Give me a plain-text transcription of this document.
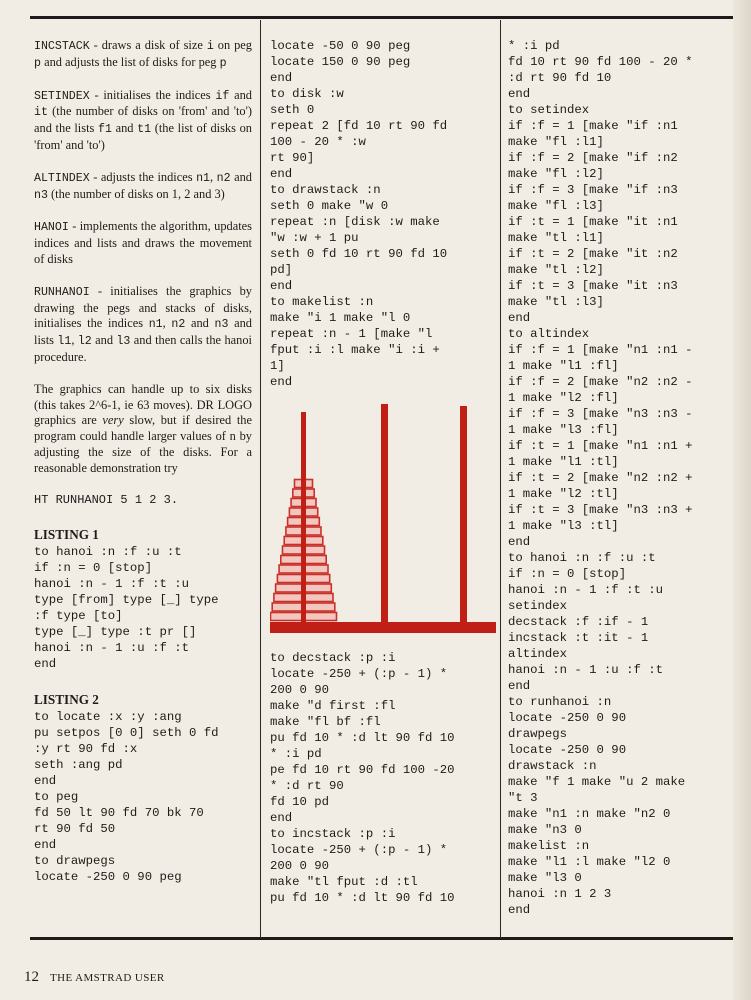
INCSTACK - draws a disk of size i on peg p and adjusts the list of disks for peg p

SETINDEX - initialises the indices if and it (the number of disks on 'from' and 'to') and the lists f1 and t1 (the list of disks on 'from' and 'to')

ALTINDEX - adjusts the indices n1, n2 and n3 (the number of disks on 1, 2 and 3)

HANOI - implements the algorithm, updates indices and lists and draws the movement of disks

RUNHANOI - initialises the graphics by drawing the pegs and stacks of disks, initialises the indices n1, n2 and n3 and lists l1, l2 and l3 and then calls the hanoi procedure.

The graphics can handle up to six disks (this takes 2^6-1, ie 63 moves). DR LOGO graphics are very slow, but if desired the program could handle larger values of n by adjusting the size of the disks. For a reasonable demonstration try

HT RUNHANOI 5 1 2 3.
LISTING 1
to hanoi :n :f :u :t
if :n = 0 [stop]
hanoi :n - 1 :f :t :u
type [from] type [_] type
:f type [to]
type [_] type :t pr []
hanoi :n - 1 :u :f :t
end
LISTING 2
to locate :x :y :ang
pu setpos [0 0] seth 0 fd
:y rt 90 fd :x
seth :ang pd
end
to peg
fd 50 lt 90 fd 70 bk 70
rt 90 fd 50
end
to drawpegs
locate -250 0 90 peg
locate -50 0 90 peg
locate 150 0 90 peg
end
to disk :w
seth 0
repeat 2 [fd 10 rt 90 fd
100 - 20 * :w
rt 90]
end
to drawstack :n
seth 0 make "w 0
repeat :n [disk :w make
"w :w + 1 pu
seth 0 fd 10 rt 90 fd 10
pd]
end
to makelist :n
make "i 1 make "l 0
repeat :n - 1 [make "l
fput :i :l make "i :i +
1]
end
to decstack :p :i
locate -250 + (:p - 1) *
200 0 90
make "d first :fl
make "fl bf :fl
pu fd 10 * :d lt 90 fd 10
* :i pd
pe fd 10 rt 90 fd 100 -20
* :d rt 90
fd 10 pd
end
to incstack :p :i
locate -250 + (:p - 1) *
200 0 90
make "tl fput :d :tl
pu fd 10 * :d lt 90 fd 10
* :i pd
fd 10 rt 90 fd 100 - 20 *
:d rt 90 fd 10
end
to setindex
if :f = 1 [make "if :n1
make "fl :l1]
if :f = 2 [make "if :n2
make "fl :l2]
if :f = 3 [make "if :n3
make "fl :l3]
if :t = 1 [make "it :n1
make "tl :l1]
if :t = 2 [make "it :n2
make "tl :l2]
if :t = 3 [make "it :n3
make "tl :l3]
end
to altindex
if :f = 1 [make "n1 :n1 -
1 make "l1 :fl]
if :f = 2 [make "n2 :n2 -
1 make "l2 :fl]
if :f = 3 [make "n3 :n3 -
1 make "l3 :fl]
if :t = 1 [make "n1 :n1 +
1 make "l1 :tl]
if :t = 2 [make "n2 :n2 +
1 make "l2 :tl]
if :t = 3 [make "n3 :n3 +
1 make "l3 :tl]
end
to hanoi :n :f :u :t
if :n = 0 [stop]
hanoi :n - 1 :f :t :u
setindex
decstack :f :if - 1
incstack :t :it - 1
altindex
hanoi :n - 1 :u :f :t
end
to runhanoi :n
locate -250 0 90
drawpegs
locate -250 0 90
drawstack :n
make "f 1 make "u 2 make
"t 3
make "n1 :n make "n2 0
make "n3 0
makelist :n
make "l1 :l make "l2 0
make "l3 0
hanoi :n 1 2 3
end
12 THE AMSTRAD USER
